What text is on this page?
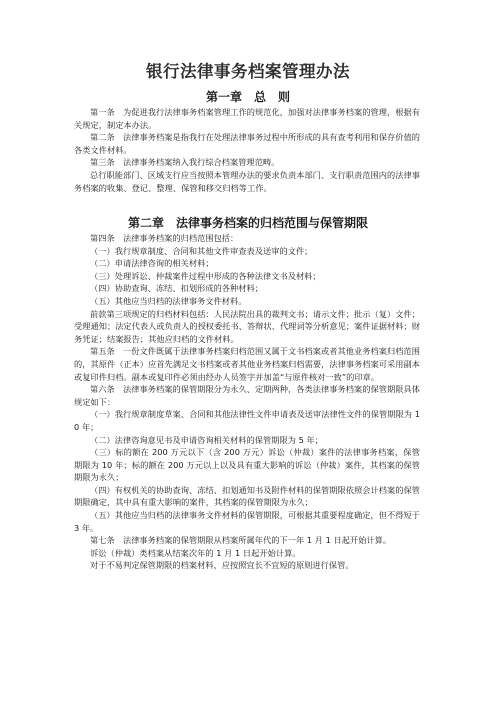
银行法律事务档案管理办法
第一章　总　则

第一条　为促进我行法律事务档案管理工作的规范化，加强对法律事务档案的管理，根据有关规定，制定本办法。

第二条　法律事务档案是指我行在处理法律事务过程中所形成的具有查考利用和保存价值的各类文件材料。

第三条　法律事务档案纳入我行综合档案管理范畴。

总行职能部门、区域支行应当按照本管理办法的要求负责本部门、支行职责范围内的法律事务档案的收集、登记、整理、保管和移交归档等工作。

第二章　法律事务档案的归档范围与保管期限

第四条　法律事务档案的归档范围包括：

（一）我行规章制度、合同和其他文件审查表及送审的文件；

（二）申请法律咨询的相关材料；

（三）处理诉讼、仲裁案件过程中形成的各种法律文书及材料；

（四）协助查询、冻结、扣划形成的各种材料；

（五）其他应当归档的法律事务文件材料。

前款第三项规定的归档材料包括：人民法院出具的裁判文书；请示文件；批示（复）文件；受理通知；法定代表人或负责人的授权委托书、答辩状、代理词等分析意见；案件证据材料；财务凭证；结案报告；其他应归档的文件材料。

第五条　一份文件既属于法律事务档案归档范围又属于文书档案或者其他业务档案归档范围的，其原件（正本）应首先满足文书档案或者其他业务档案归档需要，法律事务档案可采用副本或复印件归档。副本或复印件必须由经办人员签字并加盖“与原件核对一致”的印章。

第六条　法律事务档案的保管期限分为永久、定期两种，各类法律事务档案的保管期限具体规定如下：

（一）我行规章制度草案、合同和其他法律性文件申请表及送审法律性文件的保管期限为 10 年；

（二）法律咨询意见书及申请咨询相关材料的保管期限为 5 年；

（三）标的额在 200 万元以下（含 200 万元）诉讼（仲裁）案件的法律事务档案，保管期限为 10 年；标的额在 200 万元以上以及具有重大影响的诉讼（仲裁）案件，其档案的保管期限为永久；

（四）有权机关的协助查询、冻结、扣划通知书及附件材料的保管期限依照会计档案的保管期限确定，其中具有重大影响的案件，其档案的保管期限为永久；

（五）其他应当归档的法律事务文件材料的保管期限，可根据其重要程度确定，但不得短于 3 年。

第七条　法律事务档案的保管期限从档案所属年代的下一年 1 月 1 日起开始计算。

诉讼（仲裁）类档案从结案次年的 1 月 1 日起开始计算。

对于不易判定保管期限的档案材料，应按照宜长不宜短的原则进行保管。
